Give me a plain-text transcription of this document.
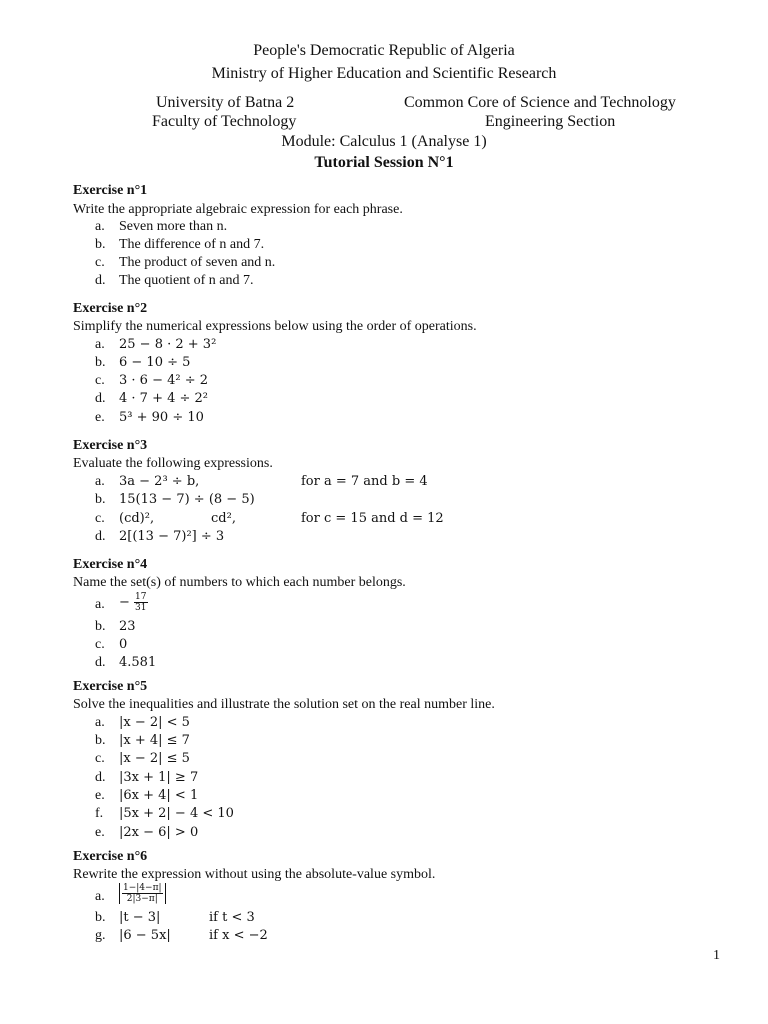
People's Democratic Republic of Algeria
Ministry of Higher Education and Scientific Research
University of Batna 2	Common Core of Science and Technology
Faculty of Technology	Engineering Section
Module: Calculus 1 (Analyse 1)
Tutorial Session N°1
Exercise n°1
Write the appropriate algebraic expression for each phrase.
a. Seven more than n.
b. The difference of n and 7.
c. The product of seven and n.
d. The quotient of n and 7.
Exercise n°2
Simplify the numerical expressions below using the order of operations.
a. 25 − 8 · 2 + 3²
b. 6 − 10 ÷ 5
c. 3 · 6 − 4² ÷ 2
d. 4 · 7 + 4 ÷ 2²
e. 5³ + 90 ÷ 10
Exercise n°3
Evaluate the following expressions.
a. 3a − 2³ ÷ b,	for a = 7 and b = 4
b. 15(13 − 7) ÷ (8 − 5)
c. (cd)²,	cd²,	for c = 15 and d = 12
d. 2[(13 − 7)²] ÷ 3
Exercise n°4
Name the set(s) of numbers to which each number belongs.
a.	− $\frac{17}{31}$
b. 23
c. 0
d. 4.581
Exercise n°5
Solve the inequalities and illustrate the solution set on the real number line.
a. |x − 2| < 5
b. |x + 4| ≤ 7
c. |x − 2| ≤ 5
d. |3x + 1| ≥ 7
e. |6x + 4| < 1
f. |5x + 2| − 4 < 10
e. |2x − 6| > 0
Exercise n°6
Rewrite the expression without using the absolute-value symbol.
a.	$\frac{1-|4-\pi|}{2|3-\pi|}$
b. |t − 3|	if t < 3
g. |6 − 5x|	if x < −2
1
